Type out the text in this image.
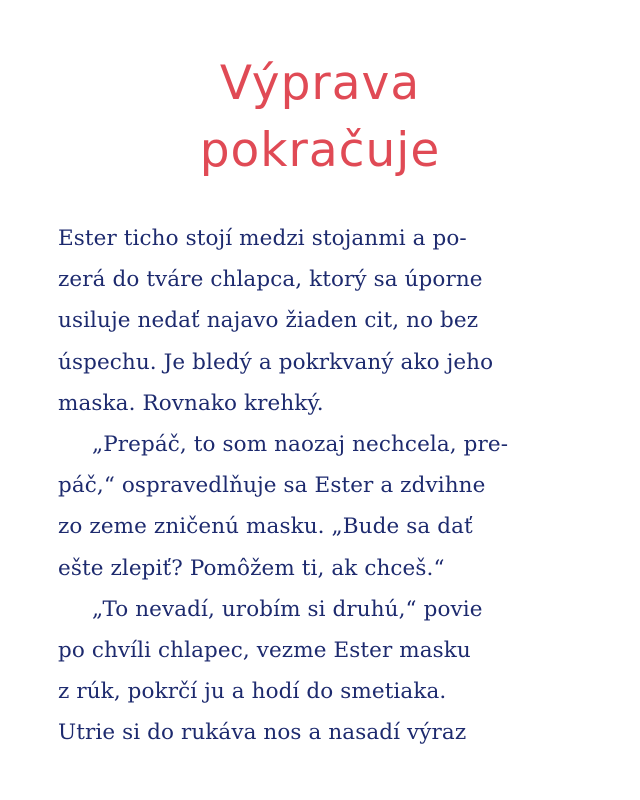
Výprava
pokračuje
Ester ticho stojí medzi stojanmi a po-
zerá do tváre chlapca, ktorý sa úporne
usiluje nedať najavo žiaden cit, no bez
úspechu. Je bledý a pokrkvaný ako jeho
maska. Rovnako krehký.
„Prepáč, to som naozaj nechcela, pre-
páč,“ ospravedlňuje sa Ester a zdvihne
zo zeme zničenú masku. „Bude sa dať
ešte zlepiť? Pomôžem ti, ak chceš.“
„To nevadí, urobím si druhú,“ povie
po chvíli chlapec, vezme Ester masku
z rúk, pokrčí ju a hodí do smetiaka.
Utrie si do rukáva nos a nasadí výraz
